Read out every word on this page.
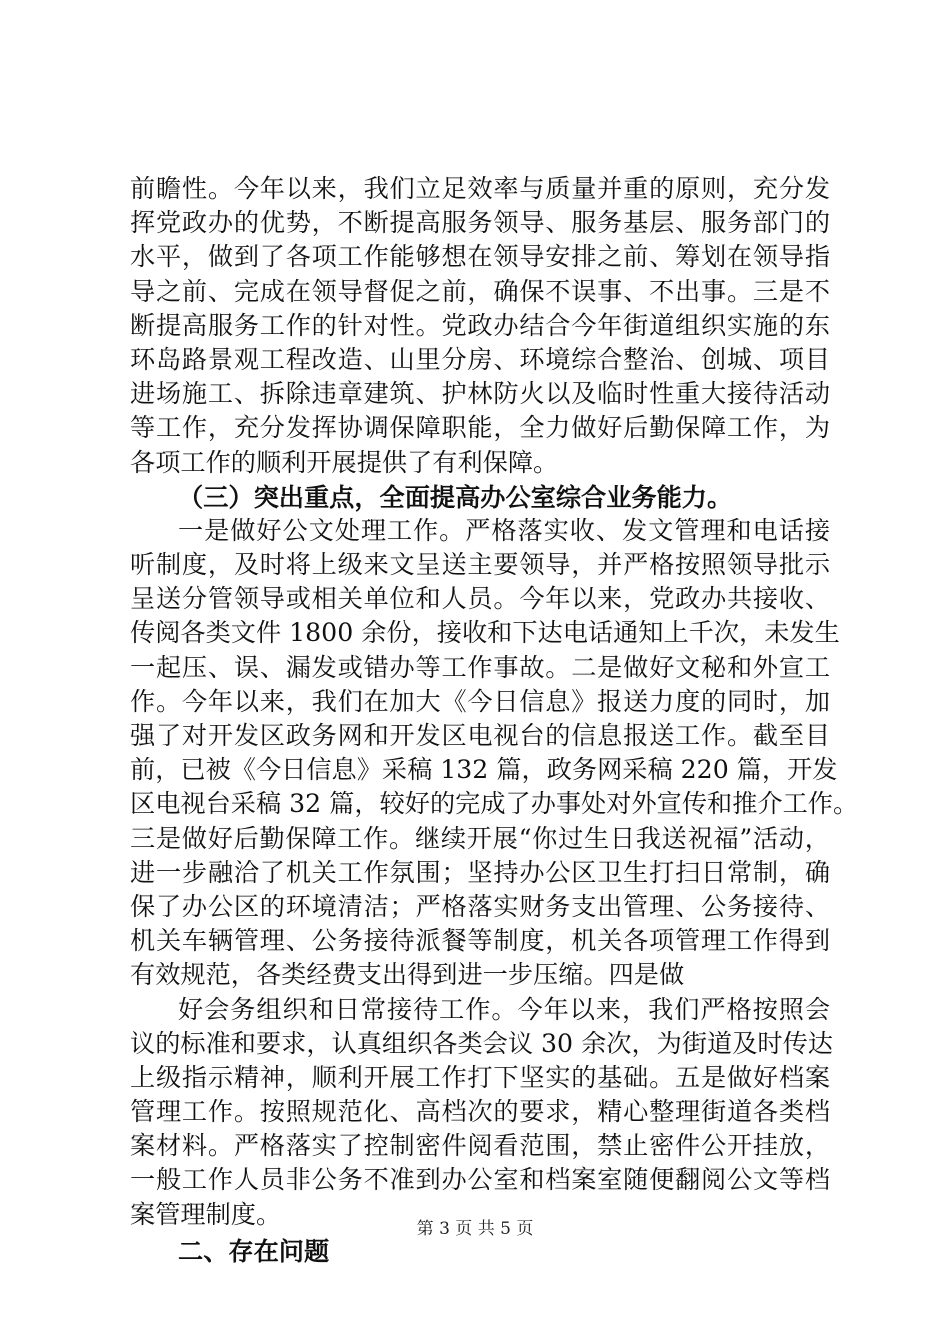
前瞻性。今年以来，我们立足效率与质量并重的原则，充分发
挥党政办的优势，不断提高服务领导、服务基层、服务部门的
水平，做到了各项工作能够想在领导安排之前、筹划在领导指
导之前、完成在领导督促之前，确保不误事、不出事。三是不
断提高服务工作的针对性。党政办结合今年街道组织实施的东
环岛路景观工程改造、山里分房、环境综合整治、创城、项目
进场施工、拆除违章建筑、护林防火以及临时性重大接待活动
等工作，充分发挥协调保障职能，全力做好后勤保障工作，为
各项工作的顺利开展提供了有利保障。
（三）突出重点，全面提高办公室综合业务能力。
一是做好公文处理工作。严格落实收、发文管理和电话接
听制度，及时将上级来文呈送主要领导，并严格按照领导批示
呈送分管领导或相关单位和人员。今年以来，党政办共接收、
传阅各类文件 1800 余份，接收和下达电话通知上千次，未发生
一起压、误、漏发或错办等工作事故。二是做好文秘和外宣工
作。今年以来，我们在加大《今日信息》报送力度的同时，加
强了对开发区政务网和开发区电视台的信息报送工作。截至目
前，已被《今日信息》采稿 132 篇，政务网采稿 220 篇，开发
区电视台采稿 32 篇，较好的完成了办事处对外宣传和推介工作。
三是做好后勤保障工作。继续开展“你过生日我送祝福”活动，
进一步融洽了机关工作氛围；坚持办公区卫生打扫日常制，确
保了办公区的环境清洁；严格落实财务支出管理、公务接待、
机关车辆管理、公务接待派餐等制度，机关各项管理工作得到
有效规范，各类经费支出得到进一步压缩。四是做
好会务组织和日常接待工作。今年以来，我们严格按照会
议的标准和要求，认真组织各类会议 30 余次，为街道及时传达
上级指示精神，顺利开展工作打下坚实的基础。五是做好档案
管理工作。按照规范化、高档次的要求，精心整理街道各类档
案材料。严格落实了控制密件阅看范围，禁止密件公开挂放，
一般工作人员非公务不准到办公室和档案室随便翻阅公文等档
案管理制度。
二、存在问题
第 3 页 共 5 页
